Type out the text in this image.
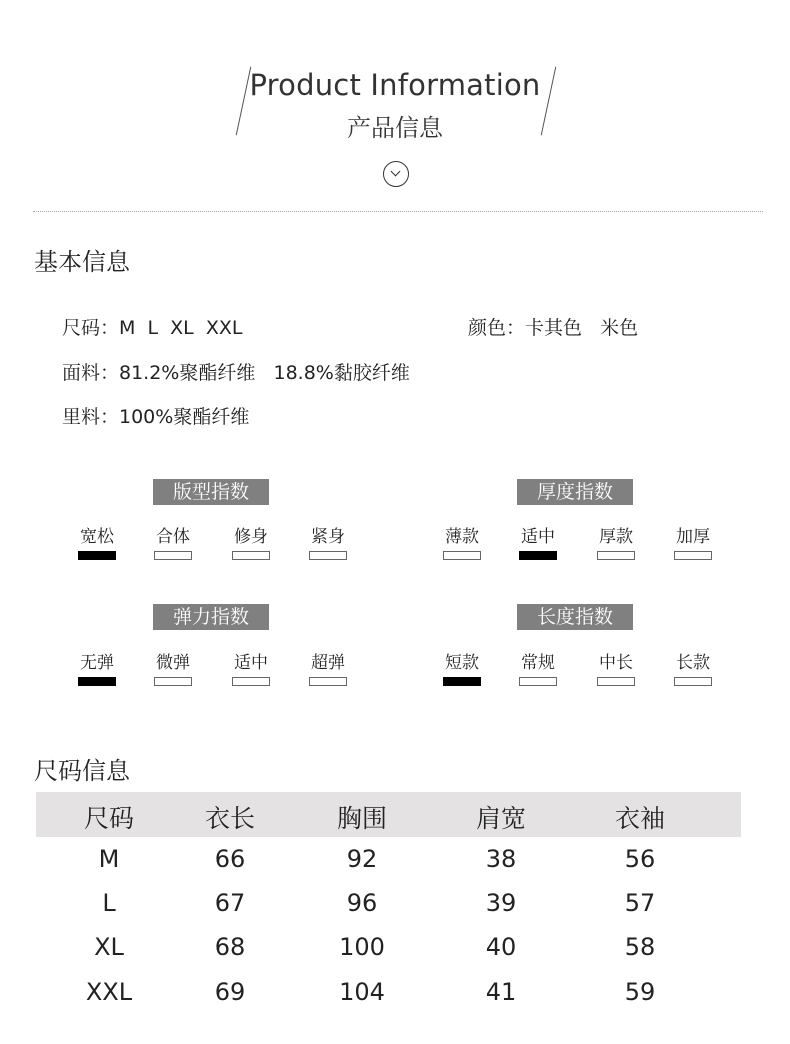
Product Information
产品信息
基本信息
尺码：M  L  XL  XXL	颜色：卡其色   米色
面料：81.2%聚酯纤维   18.8%黏胶纤维
里料：100%聚酯纤维
版型指数
宽松	合体	修身	紧身
厚度指数
薄款	适中	厚款	加厚
弹力指数
无弹	微弹	适中	超弹
长度指数
短款	常规	中长	长款
尺码信息
尺码	衣长	胸围	肩宽	衣袖
M	66	92	38	56
L	67	96	39	57
XL	68	100	40	58
XXL	69	104	41	59
